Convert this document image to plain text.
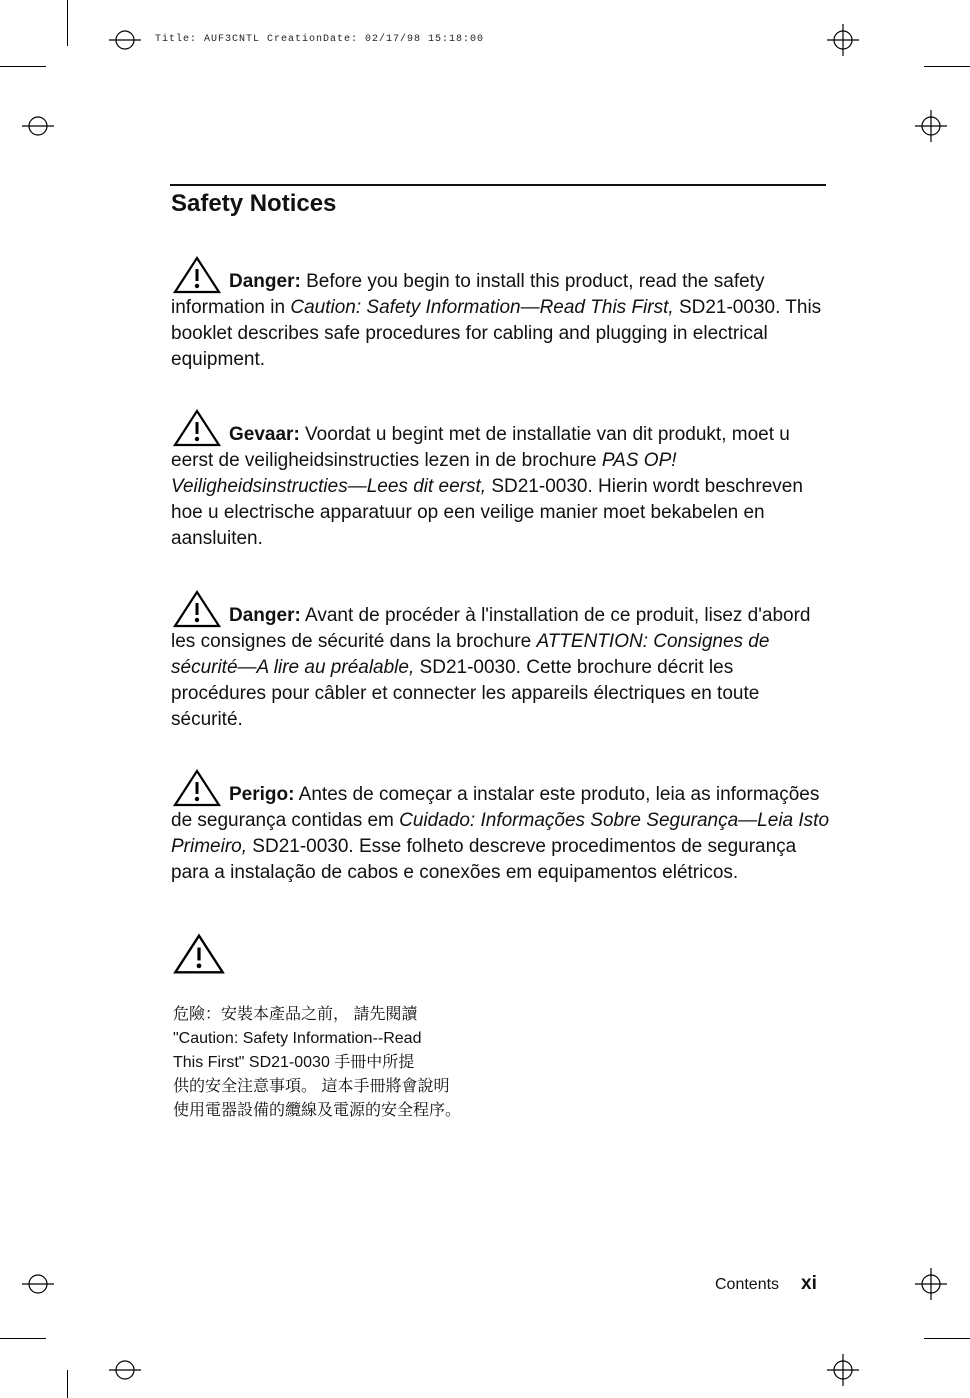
Title: AUF3CNTL CreationDate: 02/17/98 15:18:00
Safety Notices

Danger: Before you begin to install this product, read the safety information in Caution: Safety Information—Read This First, SD21-0030. This booklet describes safe procedures for cabling and plugging in electrical equipment.

Gevaar: Voordat u begint met de installatie van dit produkt, moet u eerst de veiligheidsinstructies lezen in de brochure PAS OP! Veiligheidsinstructies—Lees dit eerst, SD21-0030. Hierin wordt beschreven hoe u electrische apparatuur op een veilige manier moet bekabelen en aansluiten.

Danger: Avant de procéder à l'installation de ce produit, lisez d'abord les consignes de sécurité dans la brochure ATTENTION: Consignes de sécurité—A lire au préalable, SD21-0030. Cette brochure décrit les procédures pour câbler et connecter les appareils électriques en toute sécurité.

Perigo: Antes de começar a instalar este produto, leia as informações de segurança contidas em Cuidado: Informações Sobre Segurança—Leia Isto Primeiro, SD21-0030. Esse folheto descreve procedimentos de segurança para a instalação de cabos e conexões em equipamentos elétricos.

危險：安裝本產品之前， 請先閱讀
"Caution: Safety Information--Read
This First" SD21-0030 手冊中所提
供的安全注意事項。 這本手冊將會說明
使用電器設備的纜線及電源的安全程序。
Contents xi
